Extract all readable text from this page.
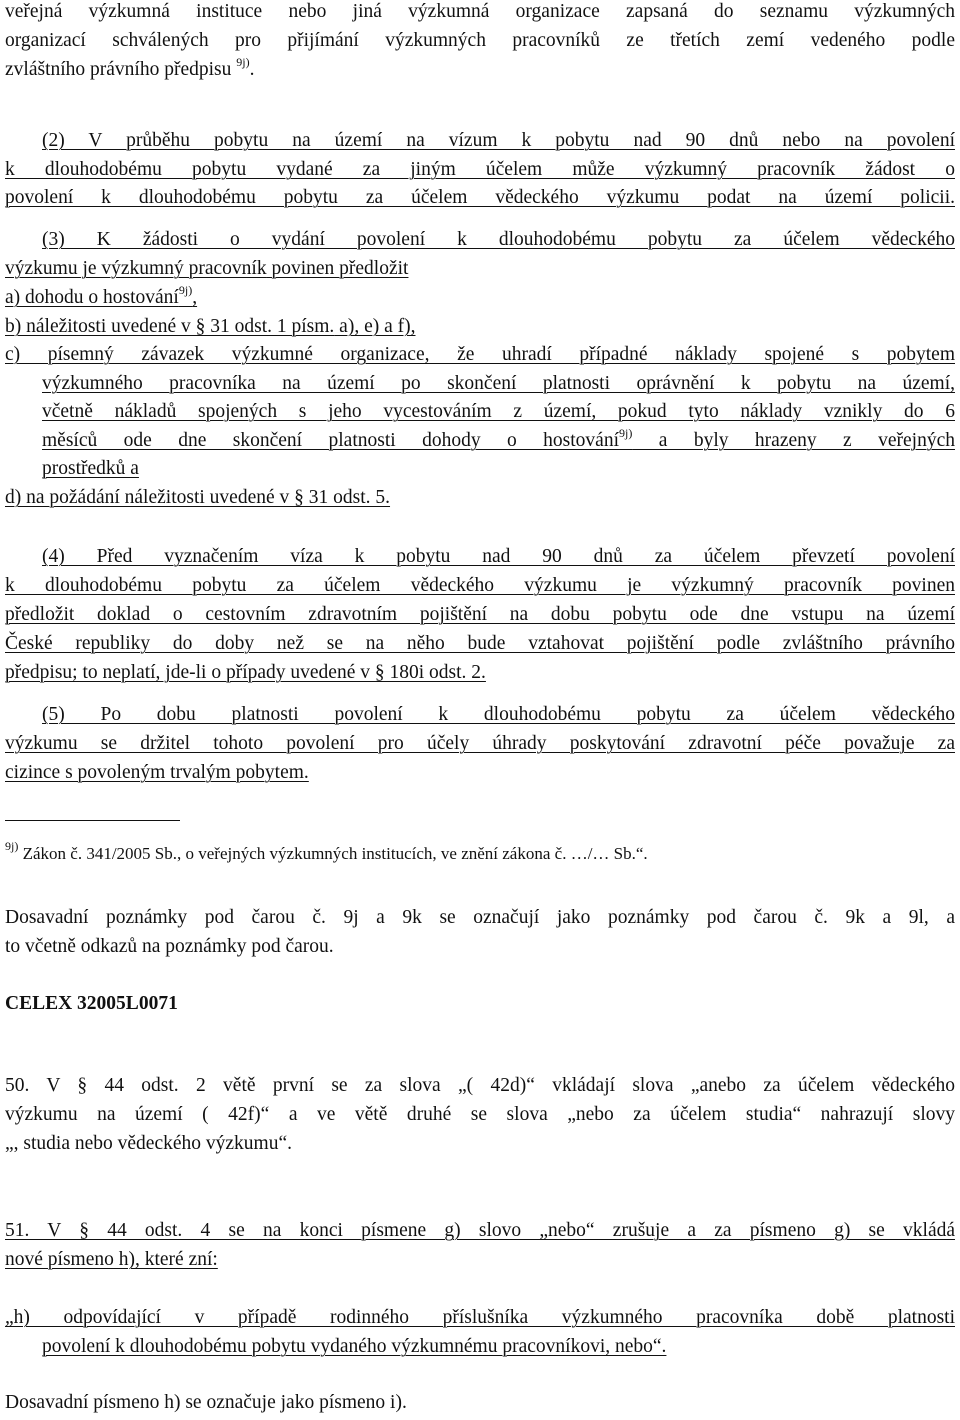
veřejná výzkumná instituce nebo jiná výzkumná organizace zapsaná do seznamu výzkumných
organizací schválených pro přijímání výzkumných pracovníků ze třetích zemí vedeného podle
zvláštního právního předpisu $^{9j)}$.
(2) V průběhu pobytu na území na vízum k pobytu nad 90 dnů nebo na povolení
k dlouhodobému pobytu vydané za jiným účelem může výzkumný pracovník žádost o
povolení k dlouhodobému pobytu za účelem vědeckého výzkumu podat na území policii.
(3) K žádosti o vydání povolení k dlouhodobému pobytu za účelem vědeckého
výzkumu je výzkumný pracovník povinen předložit
a) dohodu o hostování$^{9j)}$,
b) náležitosti uvedené v § 31 odst. 1 písm. a), e) a f),
c) písemný závazek výzkumné organizace, že uhradí případné náklady spojené s pobytem
výzkumného pracovníka na území po skončení platnosti oprávnění k pobytu na území,
včetně nákladů spojených s jeho vycestováním z území, pokud tyto náklady vznikly do 6
měsíců ode dne skončení platnosti dohody o hostování$^{9j)}$ a byly hrazeny z veřejných
prostředků a
d) na požádání náležitosti uvedené v § 31 odst. 5.
(4) Před vyznačením víza k pobytu nad 90 dnů za účelem převzetí povolení
k dlouhodobému pobytu za účelem vědeckého výzkumu je výzkumný pracovník povinen
předložit doklad o cestovním zdravotním pojištění na dobu pobytu ode dne vstupu na území
České republiky do doby než se na něho bude vztahovat pojištění podle zvláštního právního
předpisu; to neplatí, jde-li o případy uvedené v § 180i odst. 2.
(5) Po dobu platnosti povolení k dlouhodobému pobytu za účelem vědeckého
výzkumu se držitel tohoto povolení pro účely úhrady poskytování zdravotní péče považuje za
cizince s povoleným trvalým pobytem.
$^{9j)}$ Zákon č. 341/2005 Sb., o veřejných výzkumných institucích, ve znění zákona č. …/… Sb.“.
Dosavadní poznámky pod čarou č. 9j a 9k se označují jako poznámky pod čarou č. 9k a 9l, a
to včetně odkazů na poznámky pod čarou.
CELEX 32005L0071
50. V § 44 odst. 2 větě první se za slova „( 42d)“ vkládají slova „anebo za účelem vědeckého
výzkumu na území ( 42f)“ a ve větě druhé se slova „nebo za účelem studia“ nahrazují slovy
„, studia nebo vědeckého výzkumu“.
51. V § 44 odst. 4 se na konci písmene g) slovo „nebo“ zrušuje a za písmeno g) se vkládá
nové písmeno h), které zní:
„h) odpovídající v případě rodinného příslušníka výzkumného pracovníka době platnosti
povolení k dlouhodobému pobytu vydaného výzkumnému pracovníkovi, nebo“.
Dosavadní písmeno h) se označuje jako písmeno i).
